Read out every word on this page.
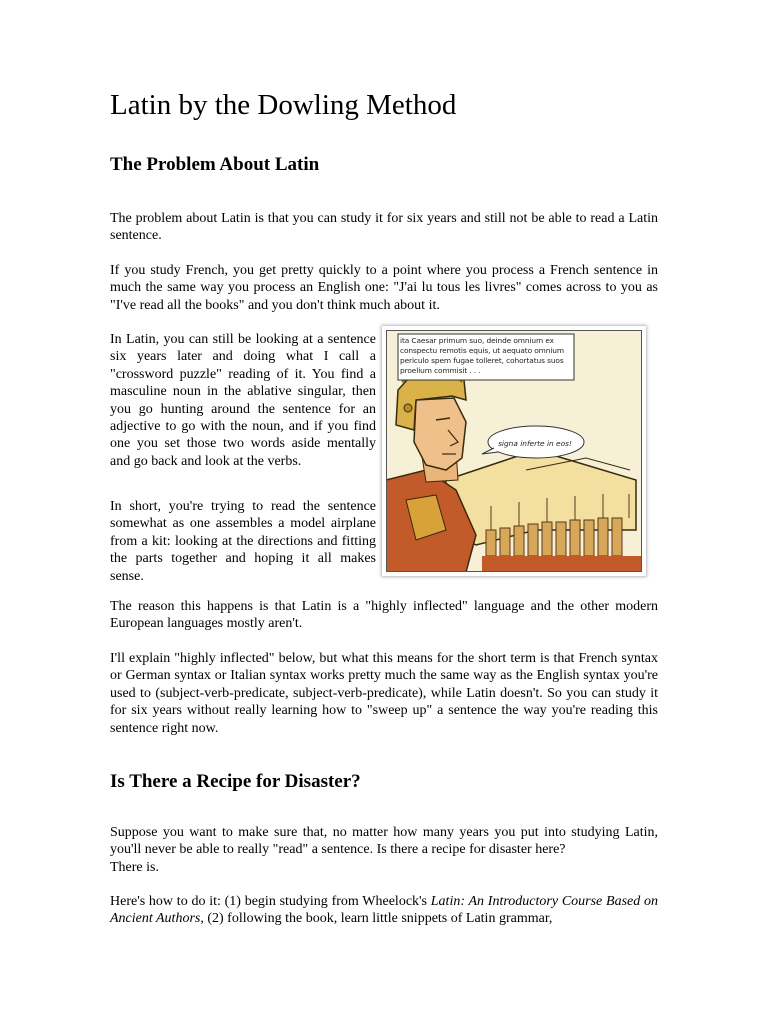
Latin by the Dowling Method
The Problem About Latin

The problem about Latin is that you can study it for six years and still not be able to read a Latin sentence.

If you study French, you get pretty quickly to a point where you process a French sentence in much the same way you process an English one: "J'ai lu tous les livres" comes across to you as "I've read all the books" and you don't think much about it.

In Latin, you can still be looking at a sentence six years later and doing what I call a "crossword puzzle" reading of it. You find a masculine noun in the ablative singular, then you go hunting around the sentence for an adjective to go with the noun, and if you find one you set those two words aside mentally and go back and look at the verbs.

In short, you're trying to read the sentence somewhat as one assembles a model airplane from a kit: looking at the directions and fitting the parts together and hoping it all makes sense.

The reason this happens is that Latin is a "highly inflected" language and the other modern European languages mostly aren't.

I'll explain "highly inflected" below, but what this means for the short term is that French syntax or German syntax or Italian syntax works pretty much the same way as the English syntax you're used to (subject-verb-predicate, subject-verb-predicate), while Latin doesn't. So you can study it for six years without really learning how to "sweep up" a sentence the way you're reading this sentence right now.

Is There a Recipe for Disaster?

Suppose you want to make sure that, no matter how many years you put into studying Latin, you'll never be able to really "read" a sentence. Is there a recipe for disaster here?

There is.

Here's how to do it: (1) begin studying from Wheelock's Latin: An Introductory Course Based on Ancient Authors, (2) following the book, learn little snippets of Latin grammar,

ita Caesar primum suo, deinde omnium ex conspectu remotis equis, ut aequato omnium periculo spem fugae tolleret, cohortatus suos proelium commisit . . .
signa inferte in eos!
